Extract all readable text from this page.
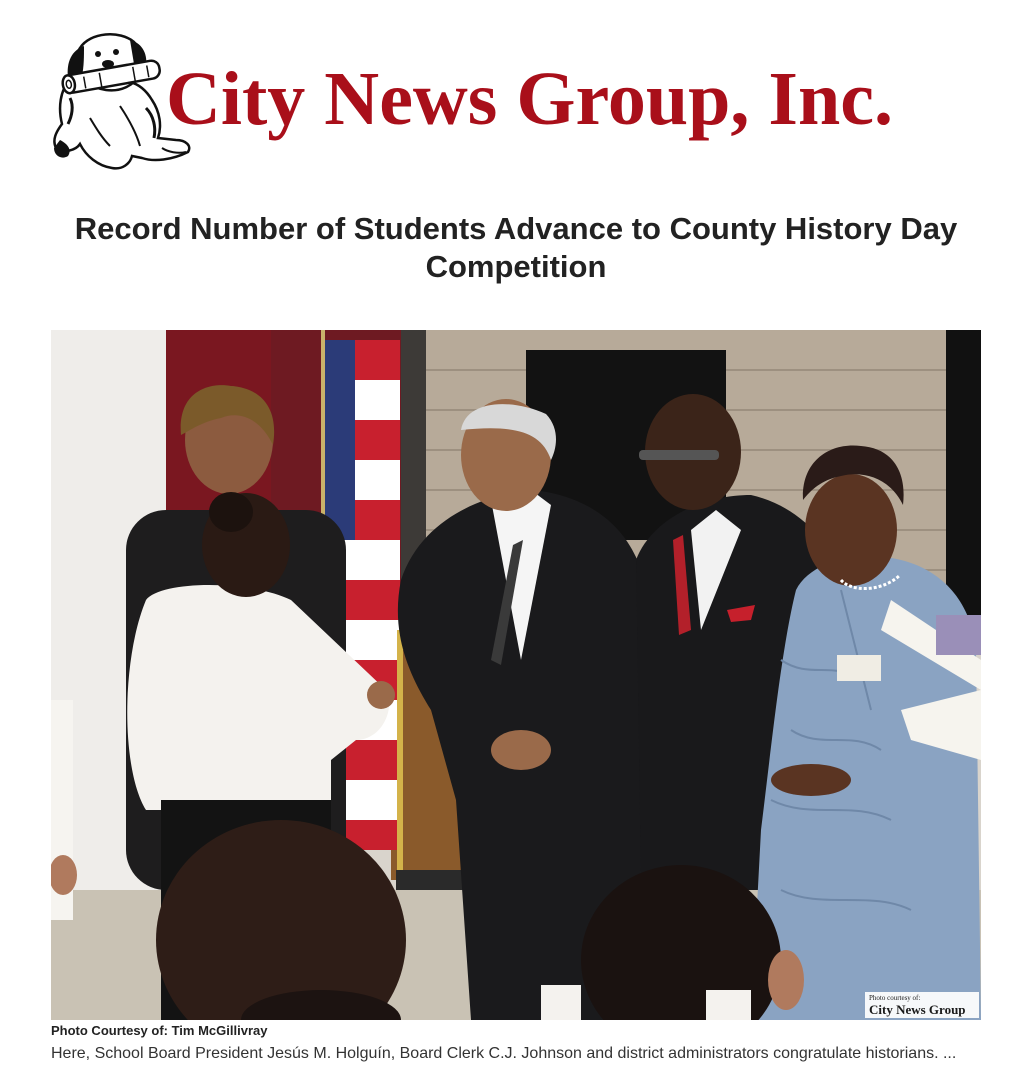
City News Group, Inc.
Record Number of Students Advance to County History Day Competition
Photo courtesy of:
City News Group
Photo Courtesy of: Tim McGillivray
Here, School Board President Jesús M. Holguín, Board Clerk C.J. Johnson and district administrators congratulate historians. ...
